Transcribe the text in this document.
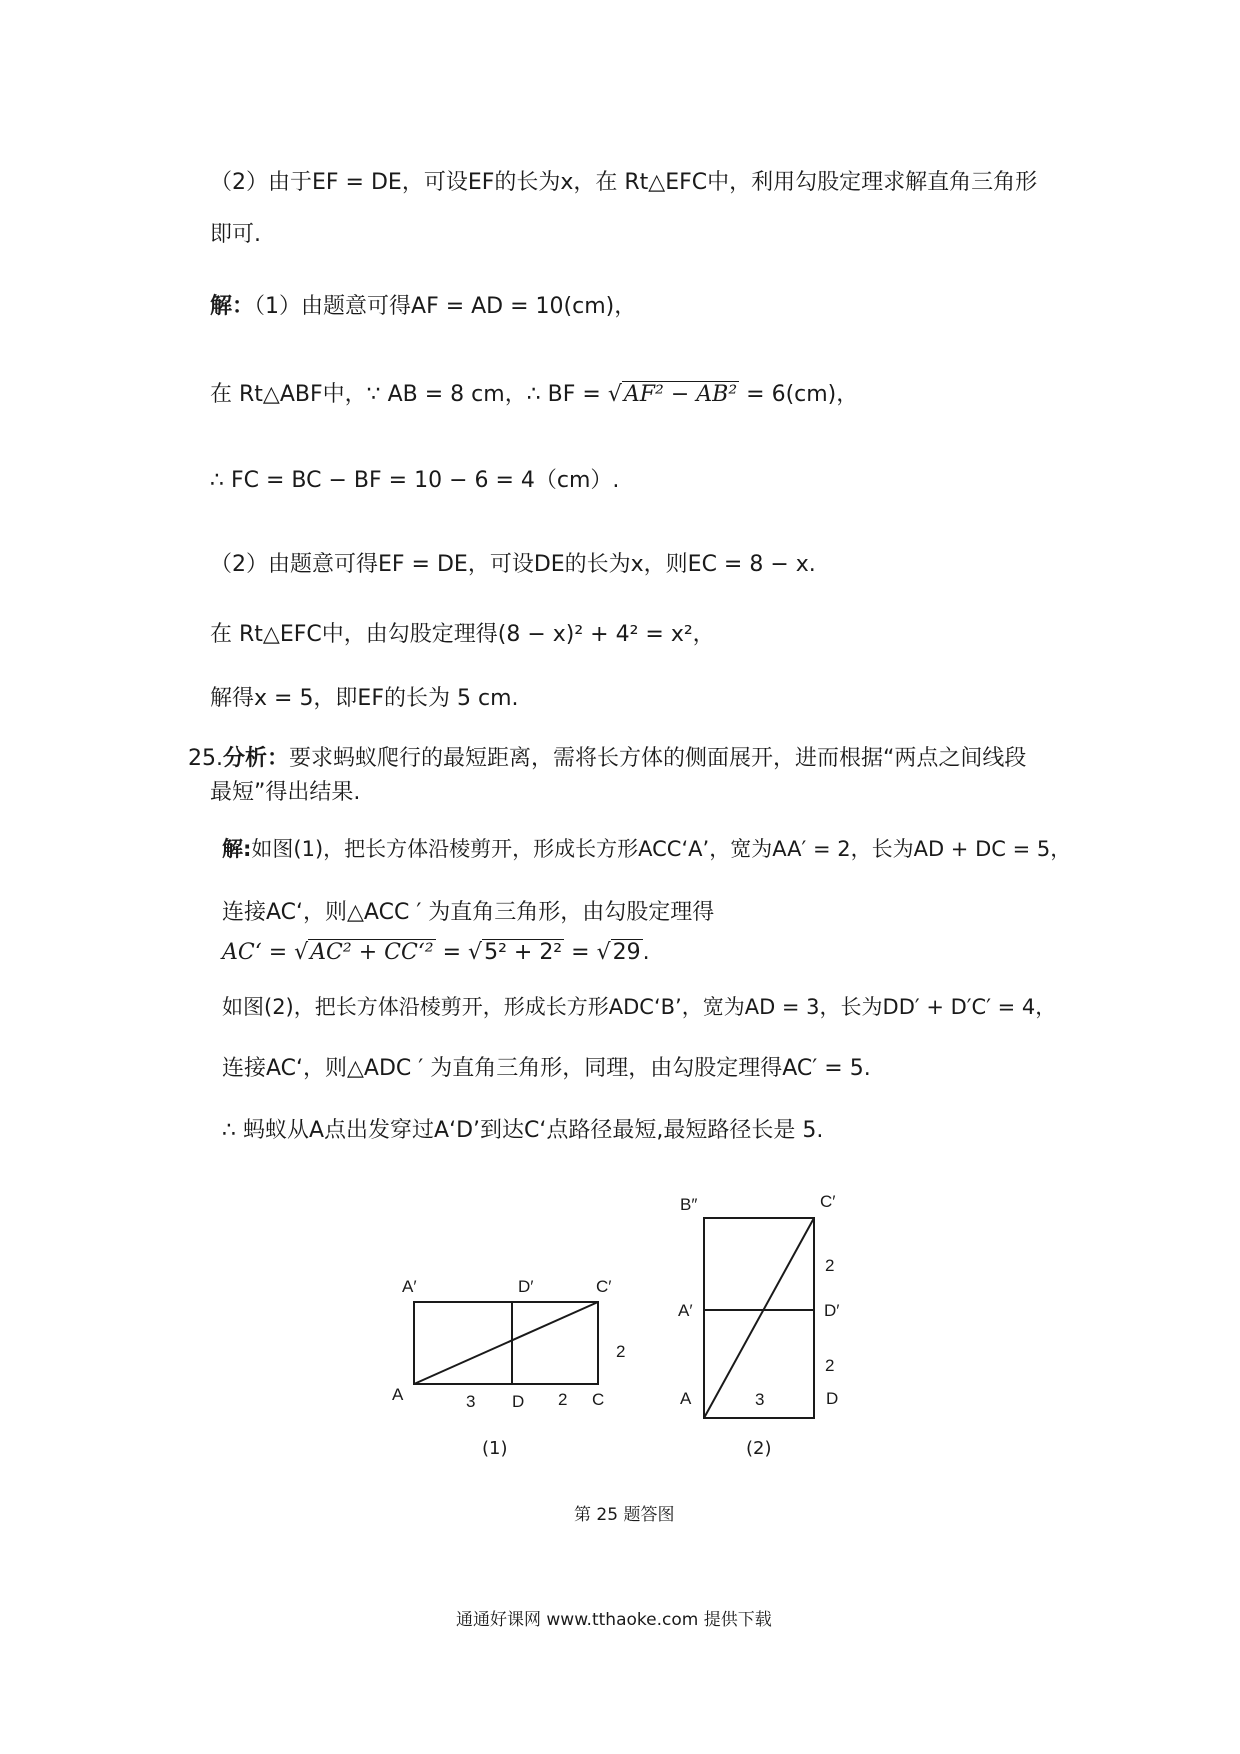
（2）由于EF = DE，可设EF的长为x，在 Rt△EFC中，利用勾股定理求解直角三角形
即可.
解：（1）由题意可得AF = AD = 10(cm)，
在 Rt△ABF中，∵ AB = 8 cm，∴ BF = √AF² − AB² = 6(cm)，
∴ FC = BC − BF = 10 − 6 = 4（cm）.
（2）由题意可得EF = DE，可设DE的长为x，则EC = 8 − x.
在 Rt△EFC中，由勾股定理得(8 − x)² + 4² = x²，
解得x = 5，即EF的长为 5 cm.
25.分析：要求蚂蚁爬行的最短距离，需将长方体的侧面展开，进而根据“两点之间线段
最短”得出结果.
解:如图(1)，把长方体沿棱剪开，形成长方形ACC‘A’，宽为AA′ = 2，长为AD + DC = 5，
连接AC‘，则△ACC ′ 为直角三角形，由勾股定理得
AC‘ = √AC² + CC‘² = √5² + 2² = √29.
如图(2)，把长方体沿棱剪开，形成长方形ADC‘B’，宽为AD = 3，长为DD′ + D′C′ = 4，
连接AC‘，则△ADC ′ 为直角三角形，同理，由勾股定理得AC′ = 5.
∴ 蚂蚁从A点出发穿过A‘D’到达C‘点路径最短,最短路径长是 5.
A′	D′	C′
A	D	C
3	2
2
(1)
B″	C′
A′	D′
A	D
2
2
3
(2)
第 25 题答图
通通好课网 www.tthaoke.com 提供下载
